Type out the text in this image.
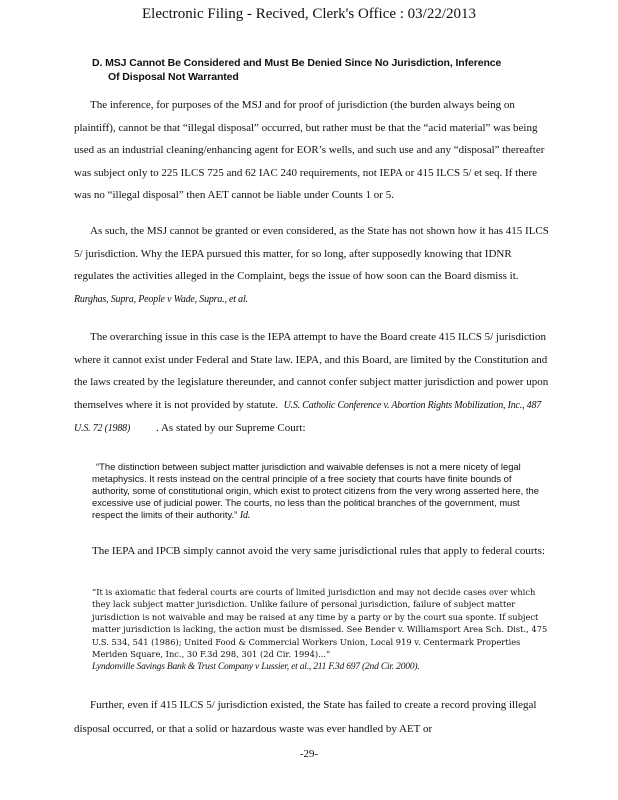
Electronic Filing - Recived, Clerk's Office : 03/22/2013
D. MSJ Cannot Be Considered and Must Be Denied Since No Jurisdiction, Inference
Of Disposal Not Warranted
The inference, for purposes of the MSJ and for proof of jurisdiction (the burden always being on plaintiff), cannot be that “illegal disposal” occurred, but rather must be that the “acid material” was being used as an industrial cleaning/enhancing agent for EOR’s wells, and such use and any “disposal” thereafter was subject only to 225 ILCS 725 and 62 IAC 240 requirements, not IEPA or 415 ILCS 5/ et seq. If there was no “illegal disposal” then AET cannot be liable under Counts 1 or 5.
As such, the MSJ cannot be granted or even considered, as the State has not shown how it has 415 ILCS 5/ jurisdiction. Why the IEPA pursued this matter, for so long, after supposedly knowing that IDNR regulates the activities alleged in the Complaint, begs the issue of how soon can the Board dismiss it.   Rurghas, Supra, People v Wade, Supra., et al.
The overarching issue in this case is the IEPA attempt to have the Board create 415 ILCS 5/ jurisdiction where it cannot exist under Federal and State law. IEPA, and this Board, are limited by the Constitution and the laws created by the legislature thereunder, and cannot confer subject matter jurisdiction and power upon themselves where it is not provided by statute. U.S. Catholic Conference v. Abortion Rights Mobilization, Inc., 487 U.S. 72 (1988) . As stated by our Supreme Court:
“The distinction between subject matter jurisdiction and waivable defenses is not a mere nicety of legal metaphysics. It rests instead on the central principle of a free society that courts have finite bounds of authority, some of constitutional origin, which exist to protect citizens from the very wrong asserted here, the excessive use of judicial power. The courts, no less than the political branches of the government, must respect the limits of their authority.” Id.
The IEPA and IPCB simply cannot avoid the very same jurisdictional rules that apply to federal courts:
“It is axiomatic that federal courts are courts of limited jurisdiction and may not decide cases over which they lack subject matter jurisdiction. Unlike failure of personal jurisdiction, failure of subject matter jurisdiction is not waivable and may be raised at any time by a party or by the court sua sponte. If subject matter jurisdiction is lacking, the action must be dismissed. See Bender v. Williamsport Area Sch. Dist., 475 U.S. 534, 541 (1986); United Food & Commercial Workers Union, Local 919 v. Centermark Properties Meriden Square, Inc., 30 F.3d 298, 301 (2d Cir. 1994)...”
Lyndonville Savings Bank & Trust Company v Lussier, et al., 211 F.3d 697 (2nd Cir. 2000).
Further, even if 415 ILCS 5/ jurisdiction existed, the State has failed to create a record proving illegal disposal occurred, or that a solid or hazardous waste was ever handled by AET or
-29-
